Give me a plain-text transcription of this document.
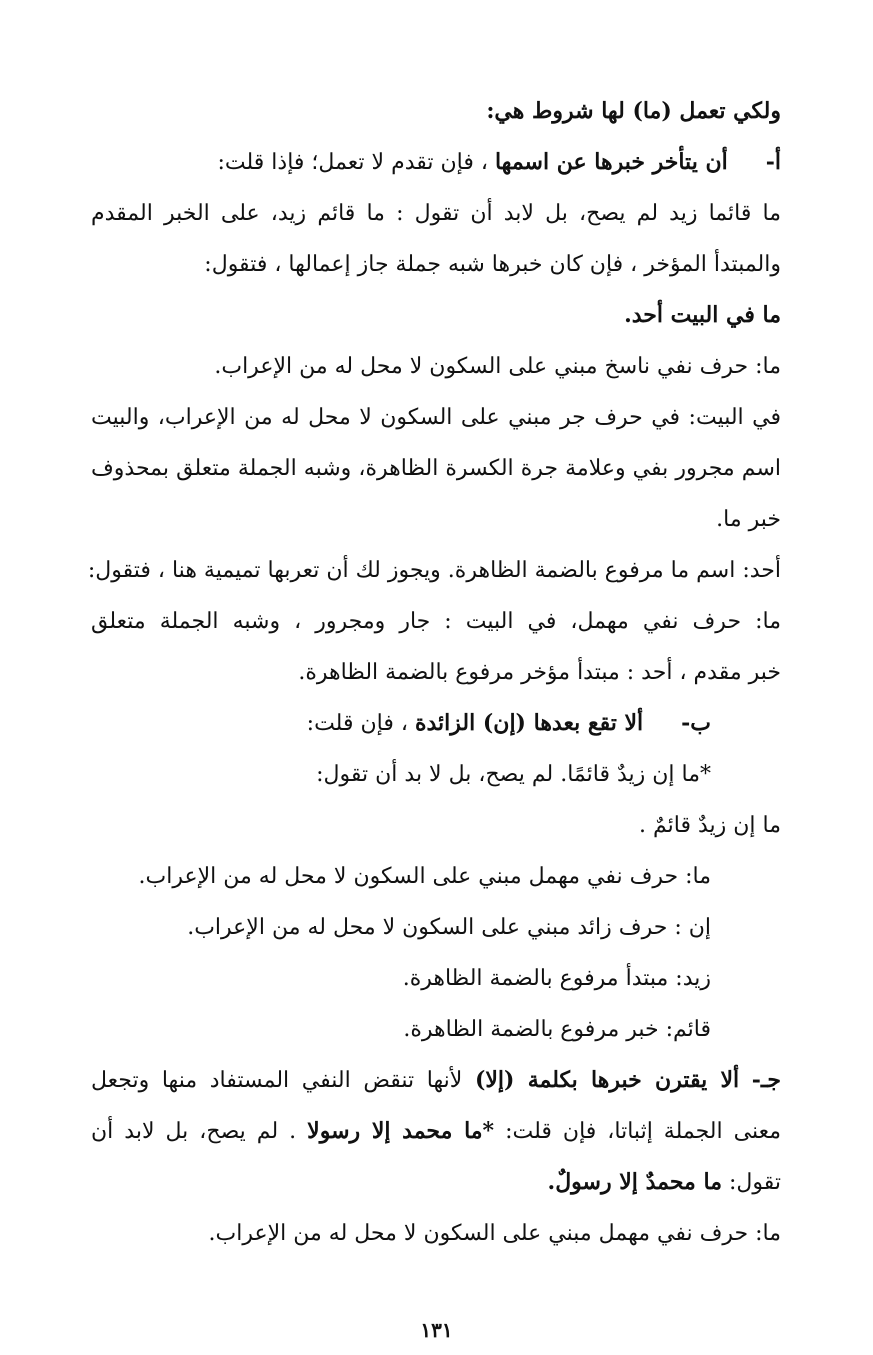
ولكي تعمل (ما) لها شروط هي:
أ-أن يتأخر خبرها عن اسمها ، فإن تقدم لا تعمل؛ فإذا قلت:
ما قائما زيد لم يصح، بل لابد أن تقول : ما قائم زيد، على الخبر المقدم
والمبتدأ المؤخر ، فإن كان خبرها شبه جملة جاز إعمالها ، فتقول:
ما في البيت أحد.
ما: حرف نفي ناسخ مبني على السكون لا محل له من الإعراب.
في البيت: في حرف جر مبني على السكون لا محل له من الإعراب، والبيت
اسم مجرور بفي وعلامة جرة الكسرة الظاهرة، وشبه الجملة متعلق بمحذوف
خبر ما.
أحد: اسم ما مرفوع بالضمة الظاهرة. ويجوز لك أن تعربها تميمية هنا ، فتقول:
ما: حرف نفي مهمل، في البيت : جار ومجرور ، وشبه الجملة متعلق
خبر مقدم ، أحد : مبتدأ مؤخر مرفوع بالضمة الظاهرة.
ب-ألا تقع بعدها (إن) الزائدة ، فإن قلت:
*ما إن زيدٌ قائمًا. لم يصح، بل لا بد أن تقول:
ما إن زيدٌ قائمٌ .
ما: حرف نفي مهمل مبني على السكون لا محل له من الإعراب.
إن : حرف زائد مبني على السكون لا محل له من الإعراب.
زيد: مبتدأ مرفوع بالضمة الظاهرة.
قائم: خبر مرفوع بالضمة الظاهرة.
جـ- ألا يقترن خبرها بكلمة (إلا) لأنها تنقض النفي المستفاد منها وتجعل
معنى الجملة إثباتا، فإن قلت: *ما محمد إلا رسولا . لم يصح، بل لابد أن
تقول: ما محمدٌ إلا رسولٌ.
ما: حرف نفي مهمل مبني على السكون لا محل له من الإعراب.
١٣١
